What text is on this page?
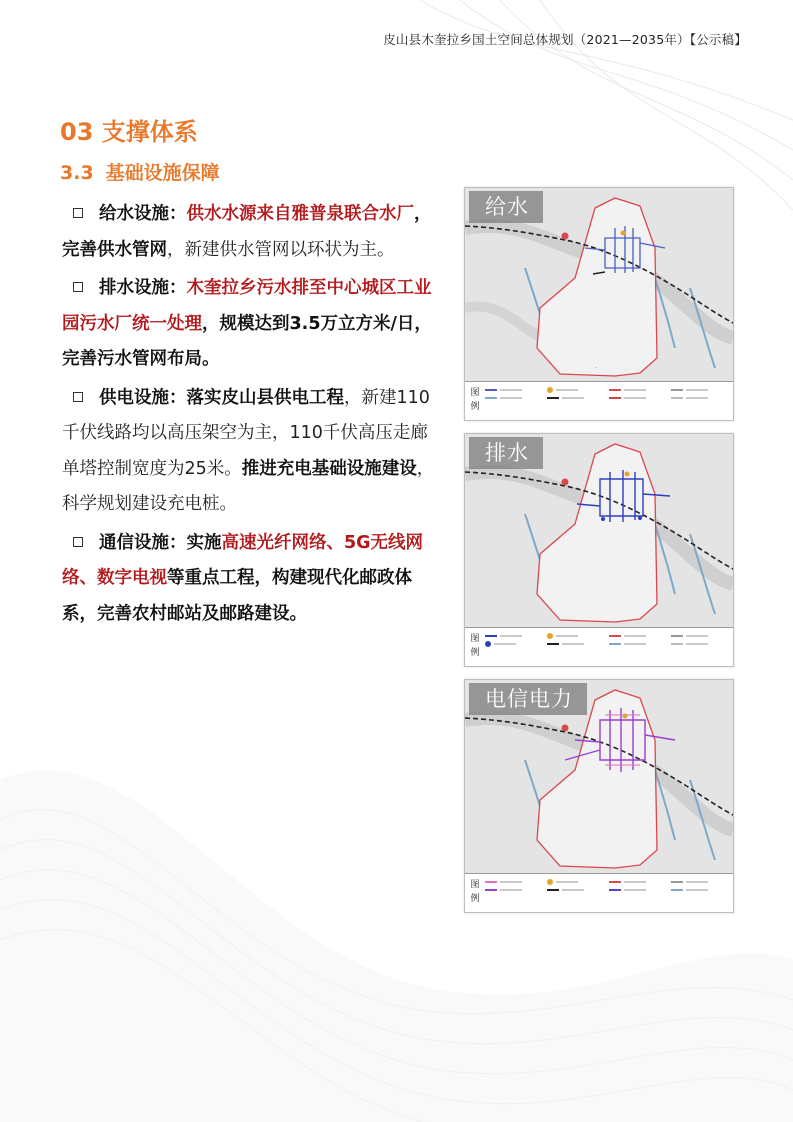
皮山县木奎拉乡国土空间总体规划（2021—2035年）【公示稿】
03 支撑体系
3.3 基础设施保障

给水设施：供水水源来自雅普泉联合水厂，完善供水管网，新建供水管网以环状为主。

排水设施：木奎拉乡污水排至中心城区工业园污水厂统一处理，规模达到3.5万立方米/日，完善污水管网布局。

供电设施：落实皮山县供电工程，新建110千伏线路均以高压架空为主，110千伏高压走廊单塔控制宽度为25米。推进充电基础设施建设，科学规划建设充电桩。

通信设施：实施高速光纤网络、5G无线网络、数字电视等重点工程，构建现代化邮政体系，完善农村邮站及邮路建设。

·
给水
图例
排水
图例
电信电力
图例
